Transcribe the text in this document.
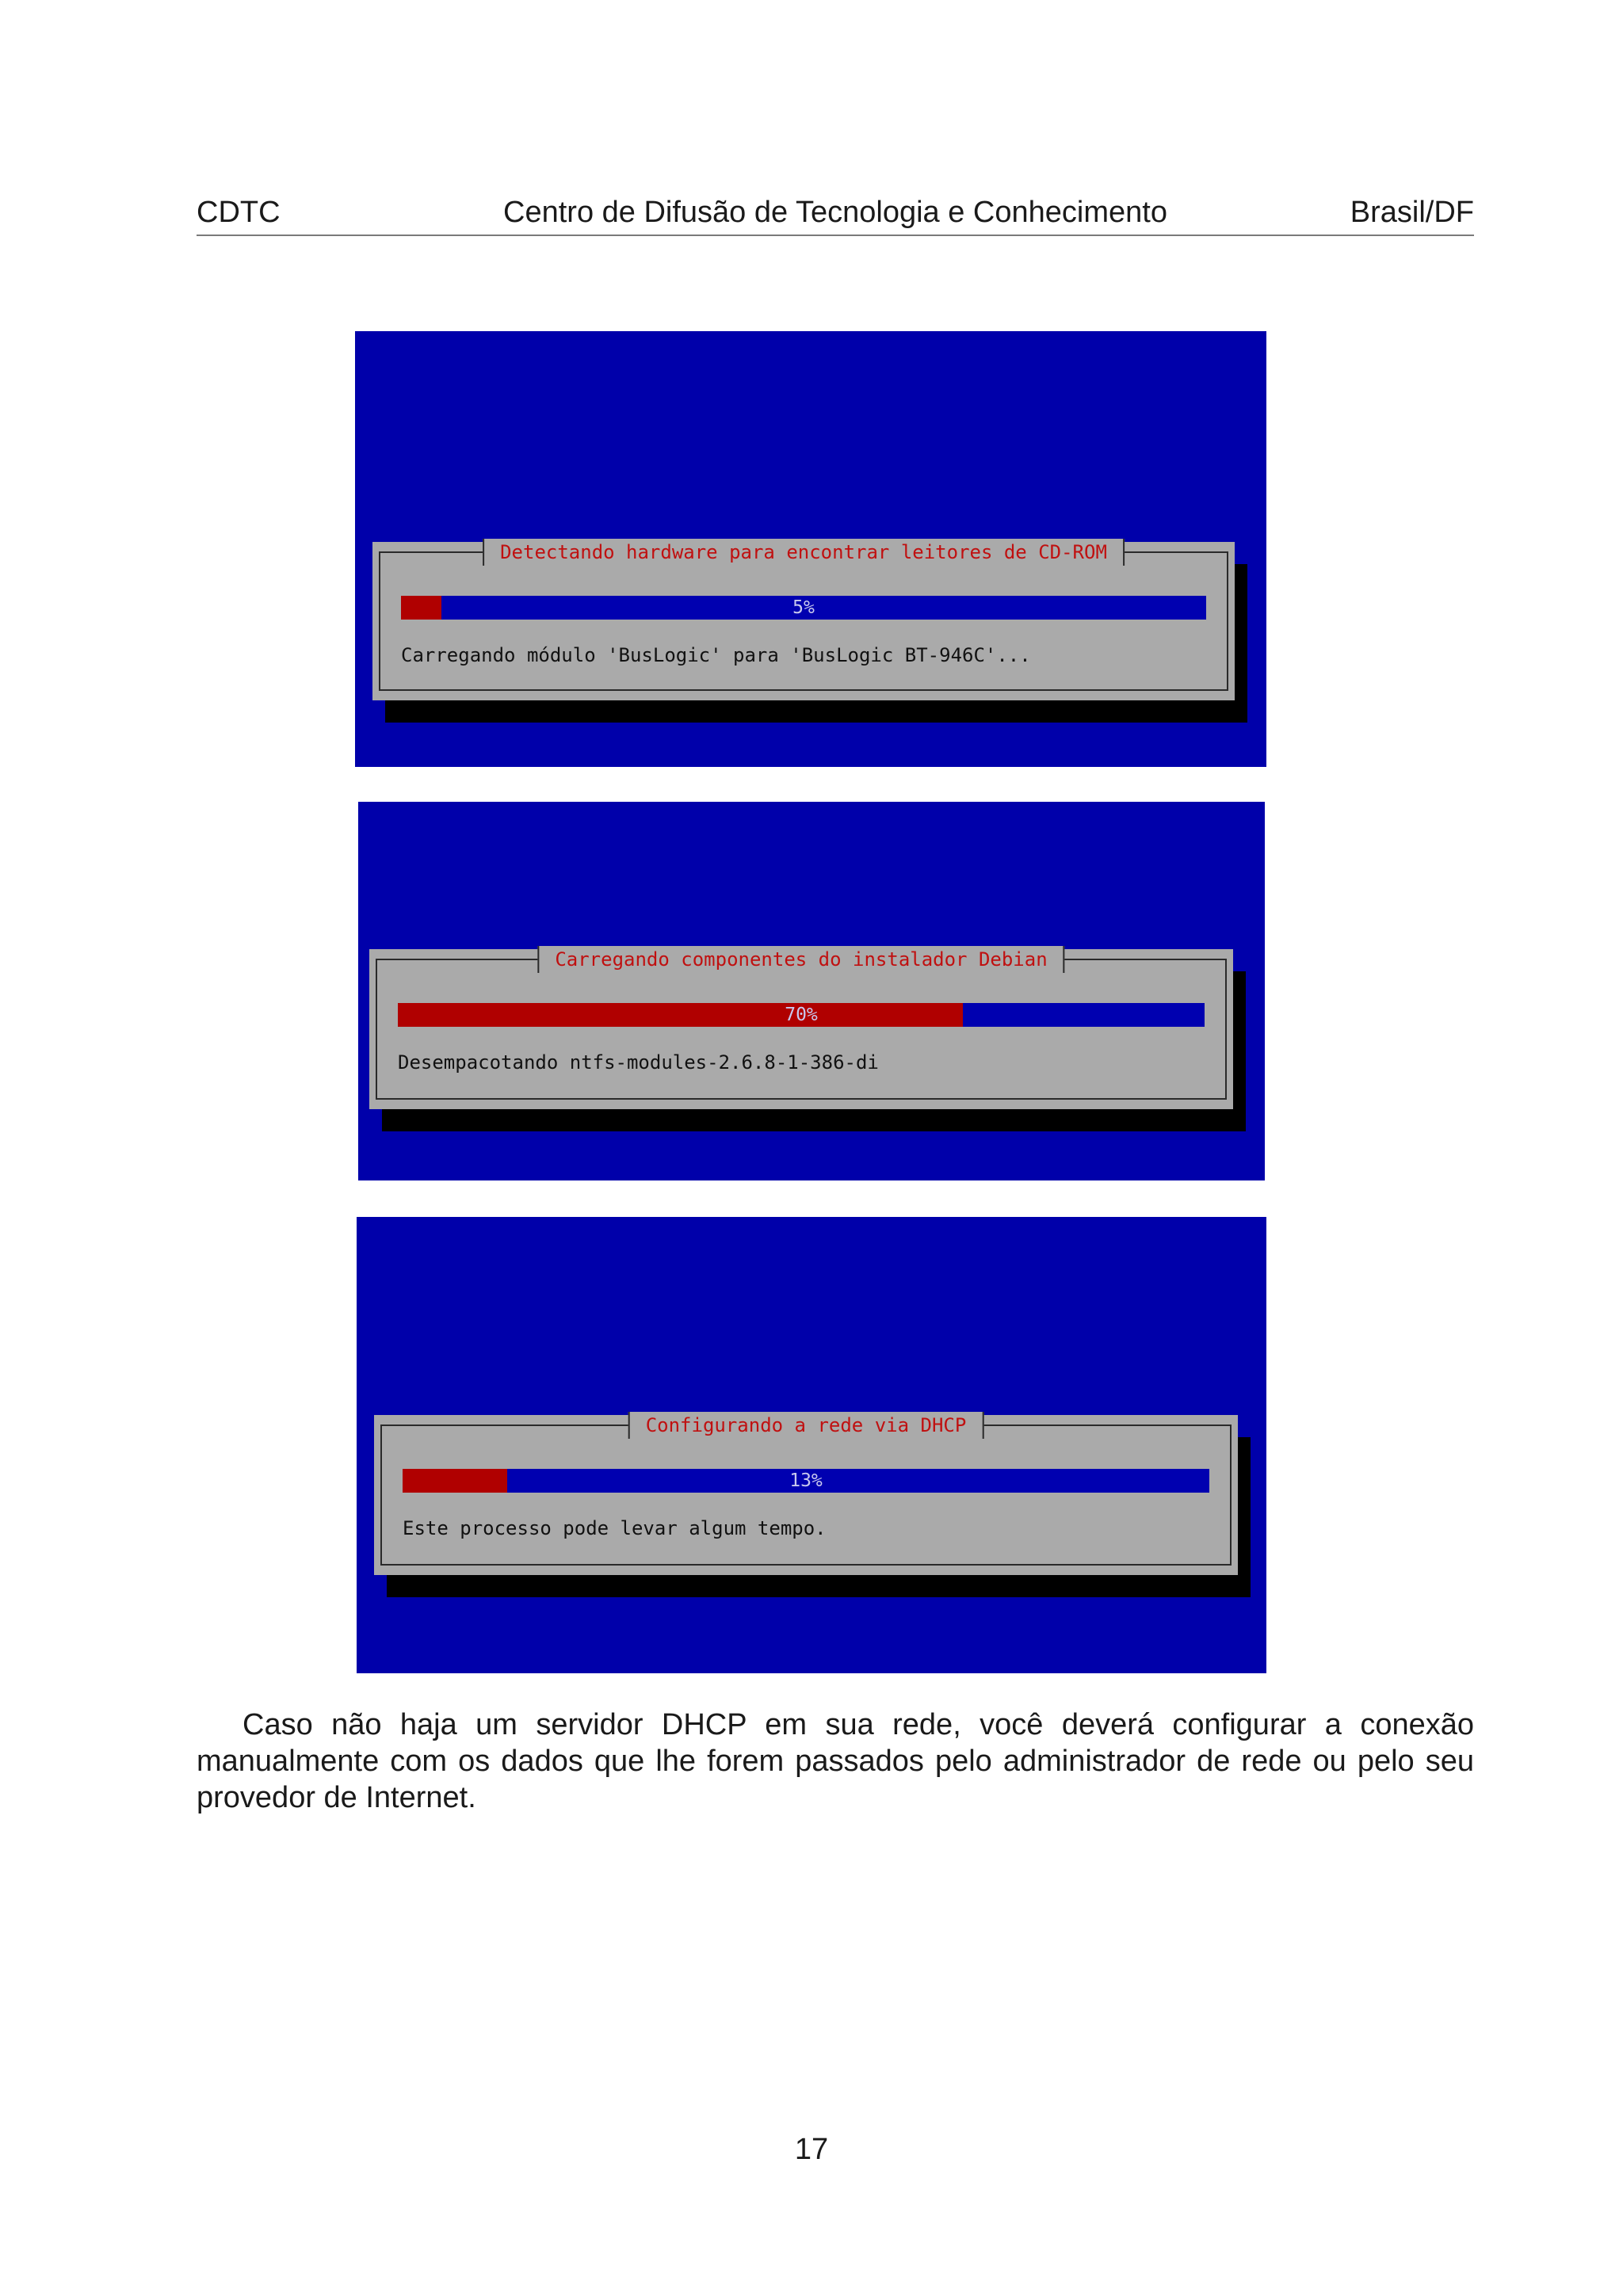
CDTC	Centro de Difusão de Tecnologia e Conhecimento	Brasil/DF
Detectando hardware para encontrar leitores de CD-ROM
5%
Carregando módulo 'BusLogic' para 'BusLogic BT-946C'...
Carregando componentes do instalador Debian
70%
Desempacotando ntfs-modules-2.6.8-1-386-di
Configurando a rede via DHCP
13%
Este processo pode levar algum tempo.

Caso não haja um servidor DHCP em sua rede, você deverá configurar a conexão manualmente com os dados que lhe forem passados pelo administrador de rede ou pelo seu provedor de Internet.

17
